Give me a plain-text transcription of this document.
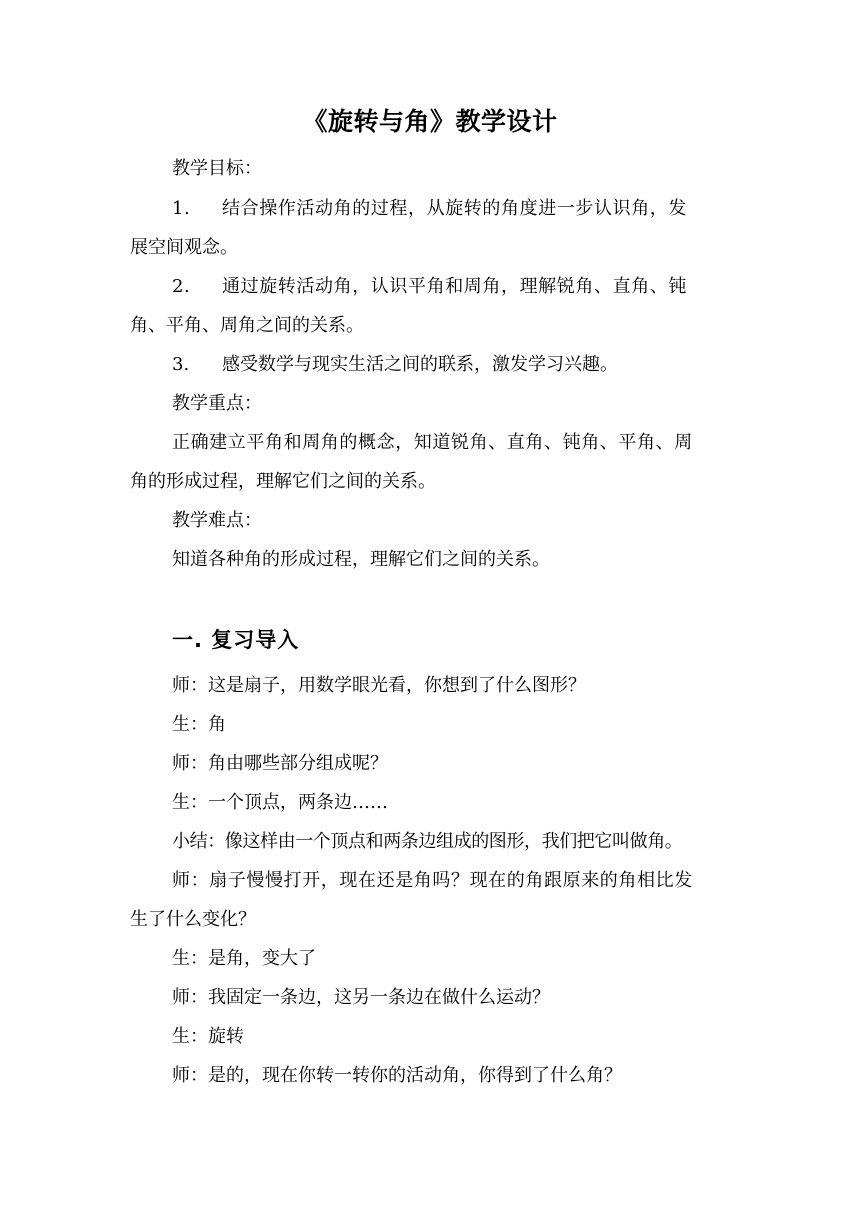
《旋转与角》教学设计
教学目标：
1. 结合操作活动角的过程，从旋转的角度进一步认识角，发
展空间观念。
2. 通过旋转活动角，认识平角和周角，理解锐角、直角、钝
角、平角、周角之间的关系。
3. 感受数学与现实生活之间的联系，激发学习兴趣。
教学重点：
正确建立平角和周角的概念，知道锐角、直角、钝角、平角、周
角的形成过程，理解它们之间的关系。
教学难点：
知道各种角的形成过程，理解它们之间的关系。
一. 复习导入
师：这是扇子，用数学眼光看，你想到了什么图形？
生：角
师：角由哪些部分组成呢？
生：一个顶点，两条边……
小结：像这样由一个顶点和两条边组成的图形，我们把它叫做角。
师：扇子慢慢打开，现在还是角吗？现在的角跟原来的角相比发
生了什么变化？
生：是角，变大了
师：我固定一条边，这另一条边在做什么运动？
生：旋转
师：是的，现在你转一转你的活动角，你得到了什么角？
